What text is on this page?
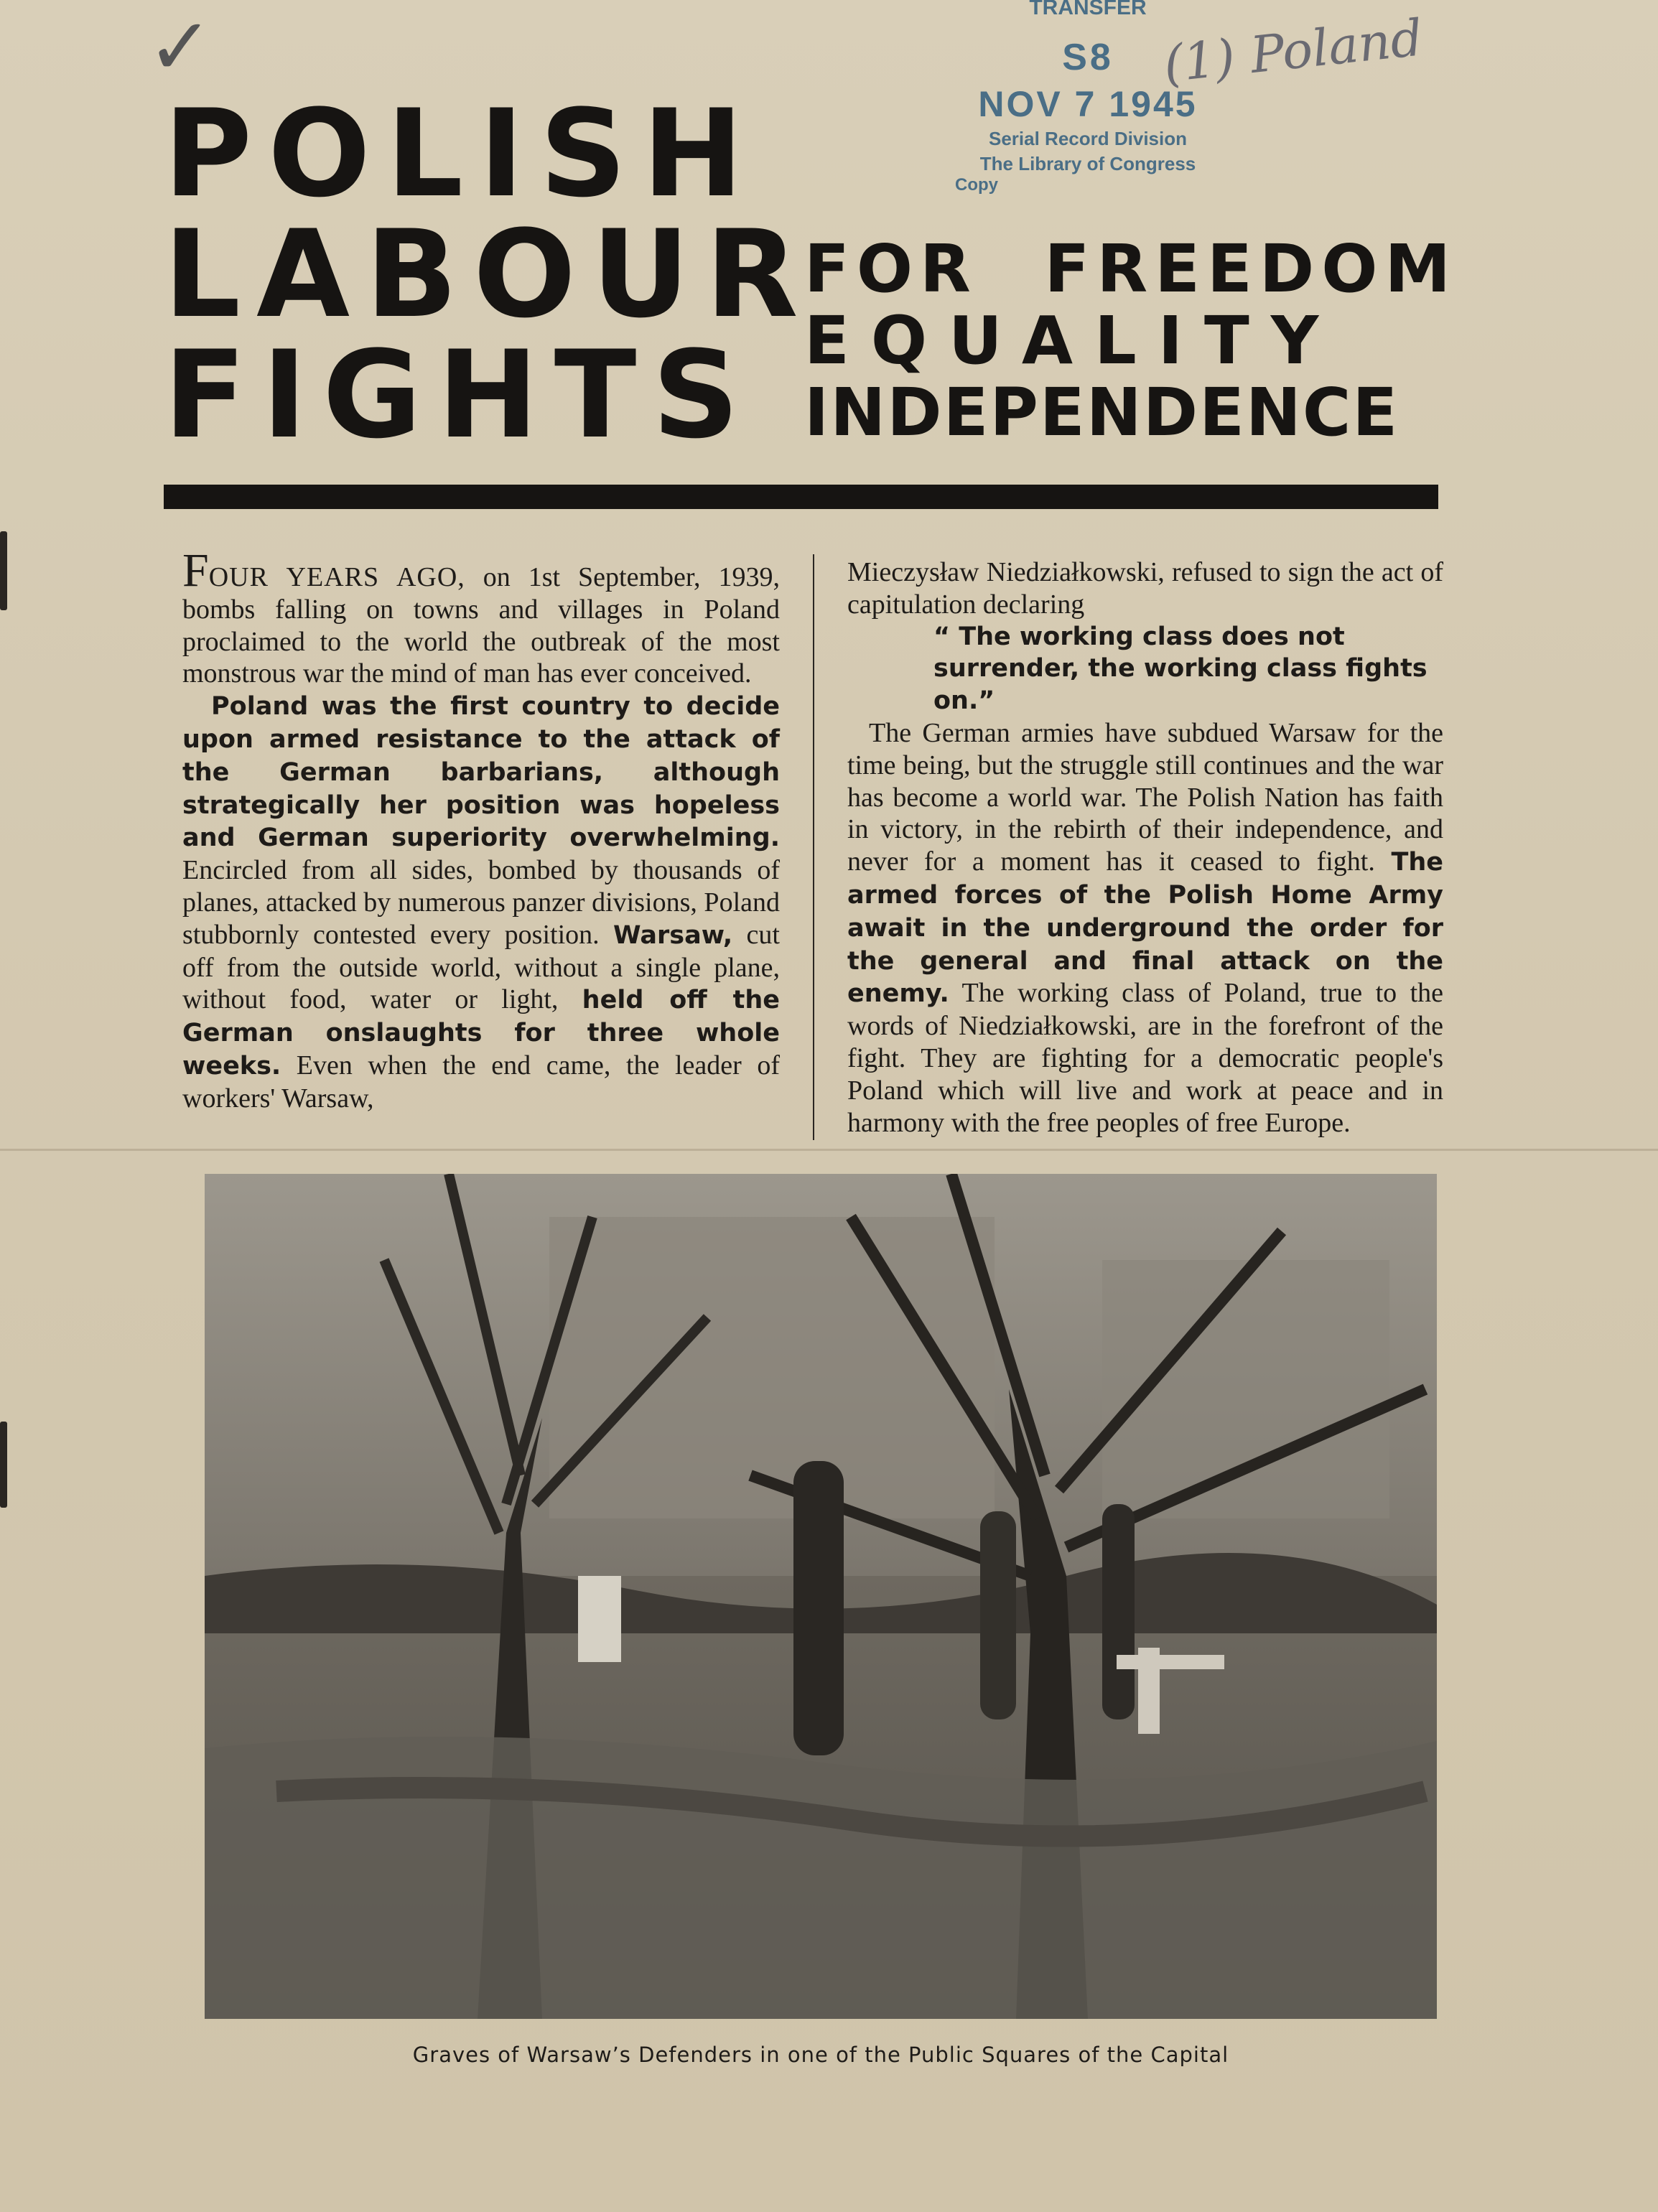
✓	TRANSFER
S8
NOV 7 1945
Serial Record Division
The Library of Congress
Copy
(1) Poland
POLISH
LABOUR
FIGHTS
FOR FREEDOM
EQUALITY
INDEPENDENCE

FOUR YEARS AGO, on 1st September, 1939, bombs falling on towns and villages in Poland proclaimed to the world the outbreak of the most monstrous war the mind of man has ever conceived.

Poland was the first country to decide upon armed resistance to the attack of the German barbarians, although strategically her position was hopeless and German superiority overwhelming. Encircled from all sides, bombed by thousands of planes, attacked by numerous panzer divisions, Poland stubbornly contested every position. Warsaw, cut off from the outside world, without a single plane, without food, water or light, held off the German onslaughts for three whole weeks. Even when the end came, the leader of workers' Warsaw,

Mieczysław Niedziałkowski, refused to sign the act of capitulation declaring

“ The working class does not surrender, the working class fights on.”

The German armies have subdued Warsaw for the time being, but the struggle still continues and the war has become a world war. The Polish Nation has faith in victory, in the rebirth of their independence, and never for a moment has it ceased to fight. The armed forces of the Polish Home Army await in the underground the order for the general and final attack on the enemy. The working class of Poland, true to the words of Niedziałkowski, are in the forefront of the fight. They are fighting for a democratic people's Poland which will live and work at peace and in harmony with the free peoples of free Europe.

Graves of Warsaw’s Defenders in one of the Public Squares of the Capital
